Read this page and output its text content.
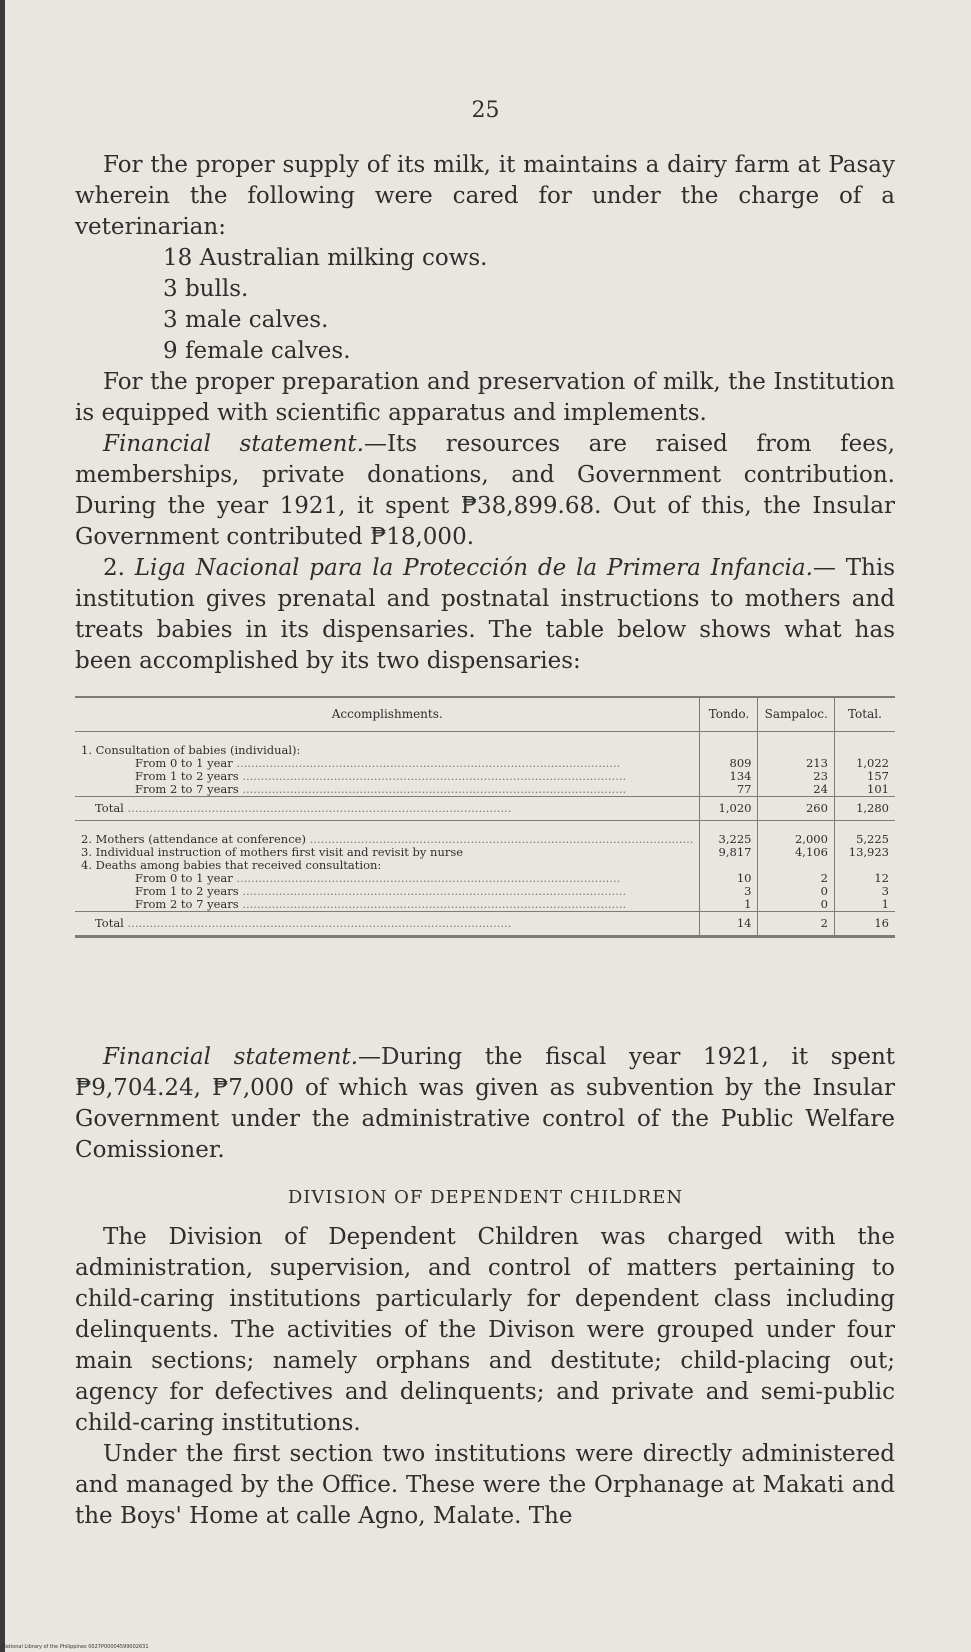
25

For the proper supply of its milk, it maintains a dairy farm at Pasay wherein the following were cared for under the charge of a veterinarian:

18 Australian milking cows.
3 bulls.
3 male calves.
9 female calves.

For the proper preparation and preservation of milk, the Institution is equipped with scientific apparatus and implements.

Financial statement.—Its resources are raised from fees, memberships, private donations, and Government contribution. During the year 1921, it spent ₱38,899.68. Out of this, the Insular Government contributed ₱18,000.

2. Liga Nacional para la Protección de la Primera Infancia.— This institution gives prenatal and postnatal instructions to mothers and treats babies in its dispensaries. The table below shows what has been accomplished by its two dispensaries:

Accomplishments.	Tondo.	Sampaloc.	Total.

1. Consultation of babies (individual):			
From 0 to 1 year .....	809	213	1,022
From 1 to 2 years .....	134	23	157
From 2 to 7 years .....	77	24	101
Total .....	1,020	260	1,280

2. Mothers (attendance at conference) .....	3,225	2,000	5,225
3. Individual instruction of mothers first visit and revisit by nurse	9,817	4,106	13,923
4. Deaths among babies that received consultation:			
From 0 to 1 year .....	10	2	12
From 1 to 2 years .....	3	0	3
From 2 to 7 years .....	1	0	1
Total .....	14	2	16

Financial statement.—During the fiscal year 1921, it spent ₱9,704.24, ₱7,000 of which was given as subvention by the Insular Government under the administrative control of the Public Welfare Comissioner.

DIVISION OF DEPENDENT CHILDREN

The Division of Dependent Children was charged with the administration, supervision, and control of matters pertaining to child-caring institutions particularly for dependent class including delinquents. The activities of the Divison were grouped under four main sections; namely orphans and destitute; child-placing out; agency for defectives and delinquents; and private and semi-public child-caring institutions.

Under the first section two institutions were directly administered and managed by the Office. These were the Orphanage at Makati and the Boys' Home at calle Agno, Malate. The

National Library of the Philippines 0027P00004599002631
